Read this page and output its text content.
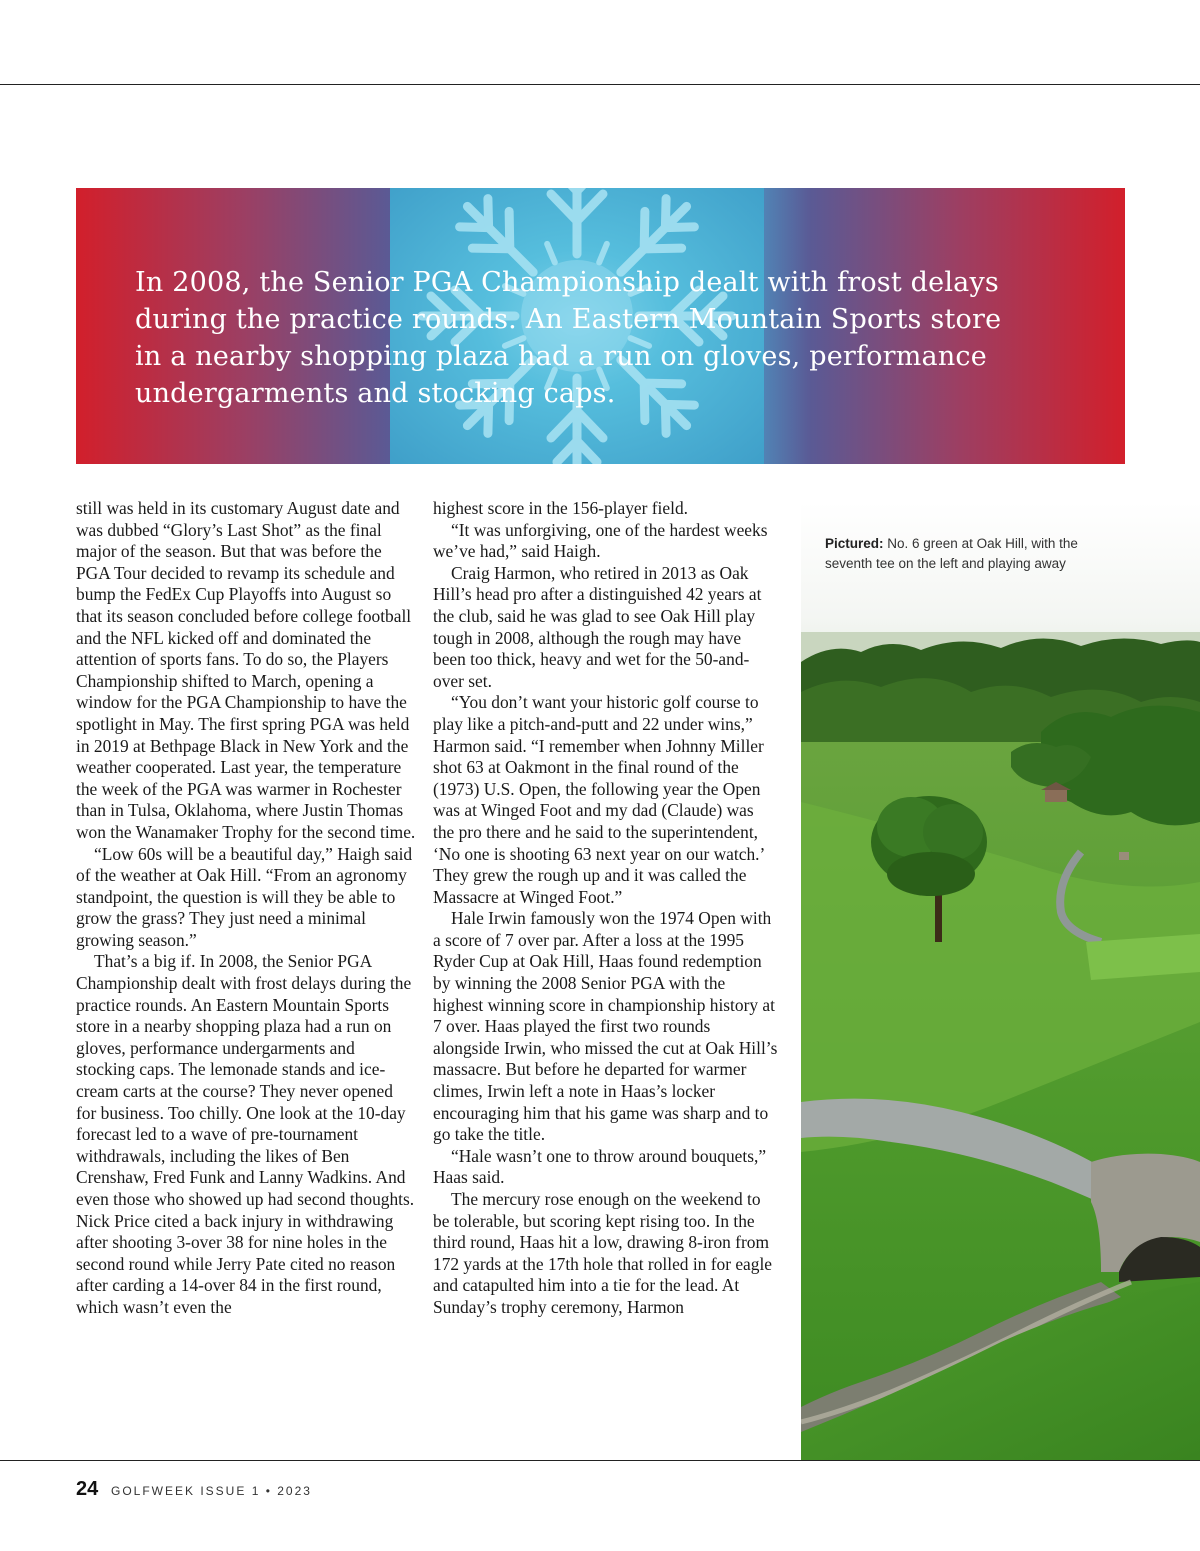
In 2008, the Senior PGA Championship dealt with frost delays during the practice rounds. An Eastern Mountain Sports store in a nearby shopping plaza had a run on gloves, performance undergarments and stocking caps.

still was held in its customary August date and was dubbed “Glory’s Last Shot” as the final major of the season. But that was before the PGA Tour decided to revamp its schedule and bump the FedEx Cup Playoffs into August so that its season concluded before college football and the NFL kicked off and dominated the attention of sports fans. To do so, the Players Championship shifted to March, opening a window for the PGA Championship to have the spotlight in May. The first spring PGA was held in 2019 at Bethpage Black in New York and the weather cooperated. Last year, the temperature the week of the PGA was warmer in Rochester than in Tulsa, Oklahoma, where Justin Thomas won the Wanamaker Trophy for the second time.

“Low 60s will be a beautiful day,” Haigh said of the weather at Oak Hill. “From an agronomy standpoint, the question is will they be able to grow the grass? They just need a minimal growing season.”

That’s a big if. In 2008, the Senior PGA Championship dealt with frost delays during the practice rounds. An Eastern Mountain Sports store in a nearby shopping plaza had a run on gloves, performance undergarments and stocking caps. The lemonade stands and ice-cream carts at the course? They never opened for business. Too chilly. One look at the 10-day forecast led to a wave of pre-tournament withdrawals, including the likes of Ben Crenshaw, Fred Funk and Lanny Wadkins. And even those who showed up had second thoughts. Nick Price cited a back injury in withdrawing after shooting 3-over 38 for nine holes in the second round while Jerry Pate cited no reason after carding a 14-over 84 in the first round, which wasn’t even the

highest score in the 156-player field.

“It was unforgiving, one of the hardest weeks we’ve had,” said Haigh.

Craig Harmon, who retired in 2013 as Oak Hill’s head pro after a distinguished 42 years at the club, said he was glad to see Oak Hill play tough in 2008, although the rough may have been too thick, heavy and wet for the 50-and-over set.

“You don’t want your historic golf course to play like a pitch-and-putt and 22 under wins,” Harmon said. “I remember when Johnny Miller shot 63 at Oakmont in the final round of the (1973) U.S. Open, the following year the Open was at Winged Foot and my dad (Claude) was the pro there and he said to the superintendent, ‘No one is shooting 63 next year on our watch.’ They grew the rough up and it was called the Massacre at Winged Foot.”

Hale Irwin famously won the 1974 Open with a score of 7 over par. After a loss at the 1995 Ryder Cup at Oak Hill, Haas found redemption by winning the 2008 Senior PGA with the highest winning score in championship history at 7 over. Haas played the first two rounds alongside Irwin, who missed the cut at Oak Hill’s massacre. But before he departed for warmer climes, Irwin left a note in Haas’s locker encouraging him that his game was sharp and to go take the title.

“Hale wasn’t one to throw around bouquets,” Haas said.

The mercury rose enough on the weekend to be tolerable, but scoring kept rising too. In the third round, Haas hit a low, drawing 8-iron from 172 yards at the 17th hole that rolled in for eagle and catapulted him into a tie for the lead. At Sunday’s trophy ceremony, Harmon

Pictured: No. 6 green at Oak Hill, with the seventh tee on the left and playing away

24 GOLFWEEK ISSUE 1 • 2023
